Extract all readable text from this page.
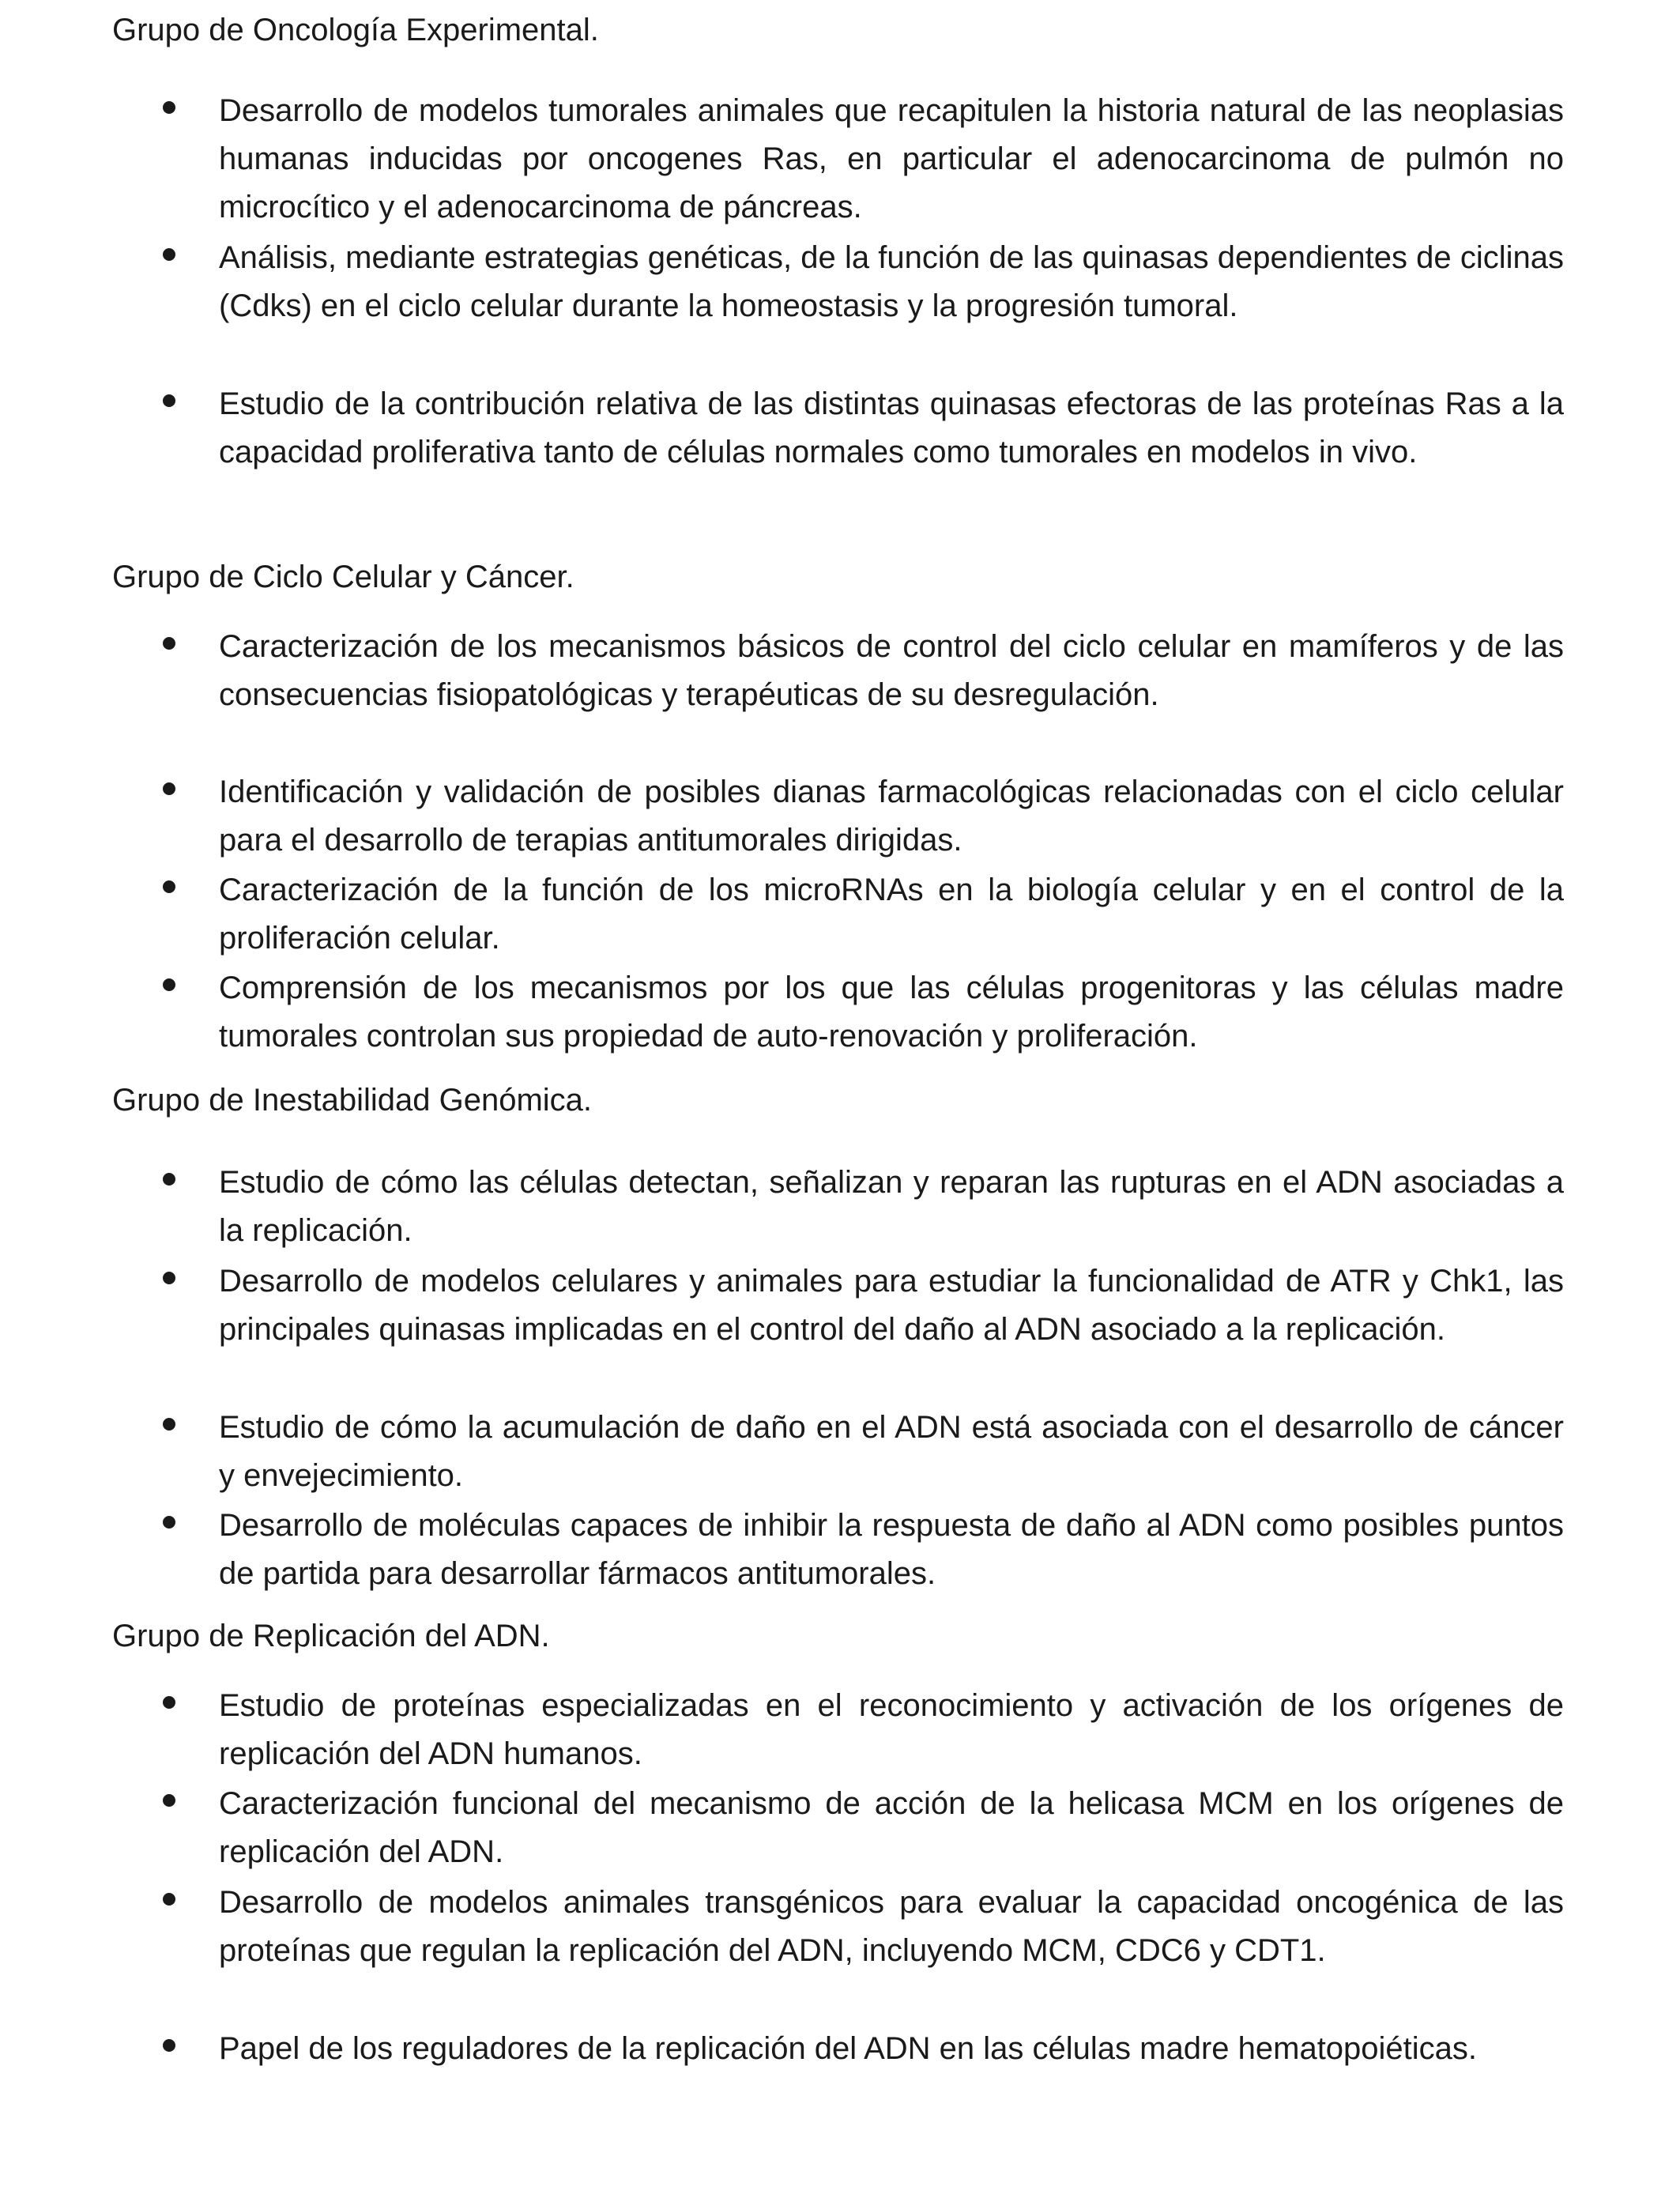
Grupo de Oncología Experimental.

Desarrollo de modelos tumorales animales que recapitulen la historia natural de las neoplasias humanas inducidas por oncogenes Ras, en particular el adenocarcinoma de pulmón no microcítico y el adenocarcinoma de páncreas.

Análisis, mediante estrategias genéticas, de la función de las quinasas dependientes de ciclinas (Cdks) en el ciclo celular durante la homeostasis y la progresión tumoral.

Estudio de la contribución relativa de las distintas quinasas efectoras de las proteínas Ras a la capacidad proliferativa tanto de células normales como tumorales en modelos in vivo.

Grupo de Ciclo Celular y Cáncer.

Caracterización de los mecanismos básicos de control del ciclo celular en mamíferos y de las consecuencias fisiopatológicas y terapéuticas de su desregulación.

Identificación y validación de posibles dianas farmacológicas relacionadas con el ciclo celular para el desarrollo de terapias antitumorales dirigidas.

Caracterización de la función de los microRNAs en la biología celular y en el control de la proliferación celular.

Comprensión de los mecanismos por los que las células progenitoras y las células madre tumorales controlan sus propiedad de auto-renovación y proliferación.

Grupo de Inestabilidad Genómica.

Estudio de cómo las células detectan, señalizan y reparan las rupturas en el ADN asociadas a la replicación.

Desarrollo de modelos celulares y animales para estudiar la funcionalidad de ATR y Chk1, las principales quinasas implicadas en el control del daño al ADN asociado a la replicación.

Estudio de cómo la acumulación de daño en el ADN está asociada con el desarrollo de cáncer y envejecimiento.

Desarrollo de moléculas capaces de inhibir la respuesta de daño al ADN como posibles puntos de partida para desarrollar fármacos antitumorales.

Grupo de Replicación del ADN.

Estudio de proteínas especializadas en el reconocimiento y activación de los orígenes de replicación del ADN humanos.

Caracterización funcional del mecanismo de acción de la helicasa MCM en los orígenes de replicación del ADN.

Desarrollo de modelos animales transgénicos para evaluar la capacidad oncogénica de las proteínas que regulan la replicación del ADN, incluyendo MCM, CDC6 y CDT1.

Papel de los reguladores de la replicación del ADN en las células madre hematopoiéticas.
